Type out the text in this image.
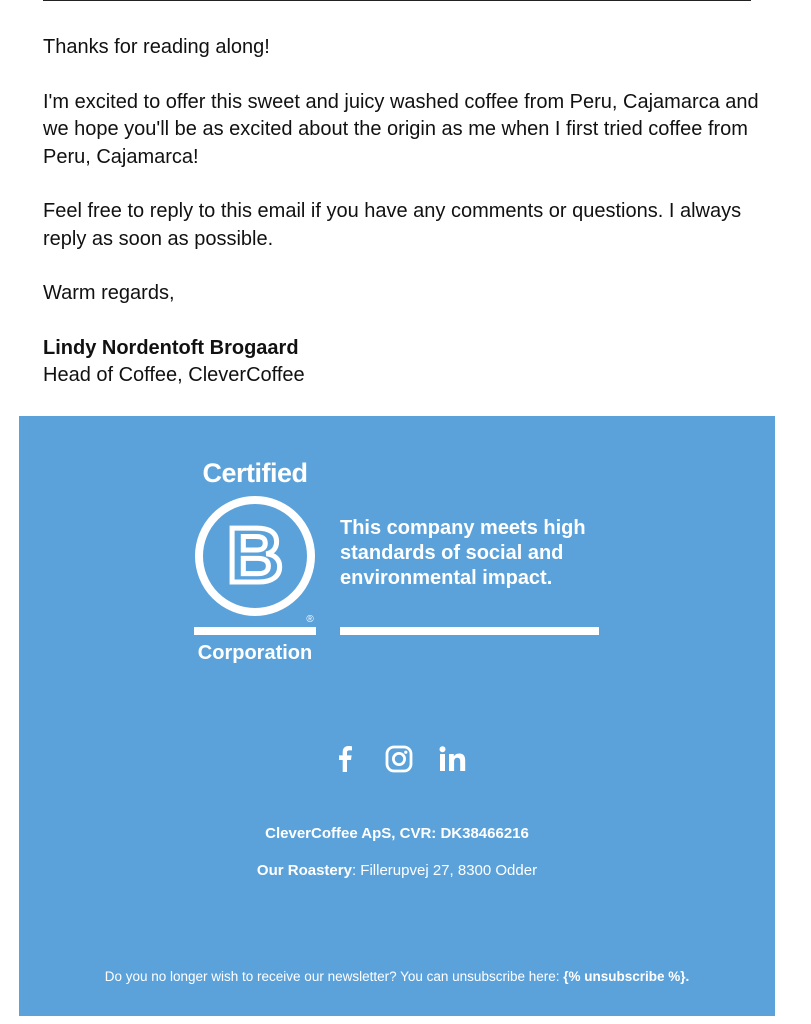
Thanks for reading along!

I'm excited to offer this sweet and juicy washed coffee from Peru, Cajamarca and we hope you'll be as excited about the origin as me when I first tried coffee from Peru, Cajamarca!

Feel free to reply to this email if you have any comments or questions. I always reply as soon as possible.

Warm regards,

Lindy Nordentoft Brogaard
Head of Coffee, CleverCoffee
Certified
B
®
Corporation
This company meets high standards of social and environmental impact.
CleverCoffee ApS, CVR: DK38466216
Our Roastery: Fillerupvej 27, 8300 Odder
Do you no longer wish to receive our newsletter? You can unsubscribe here: {% unsubscribe %}.
